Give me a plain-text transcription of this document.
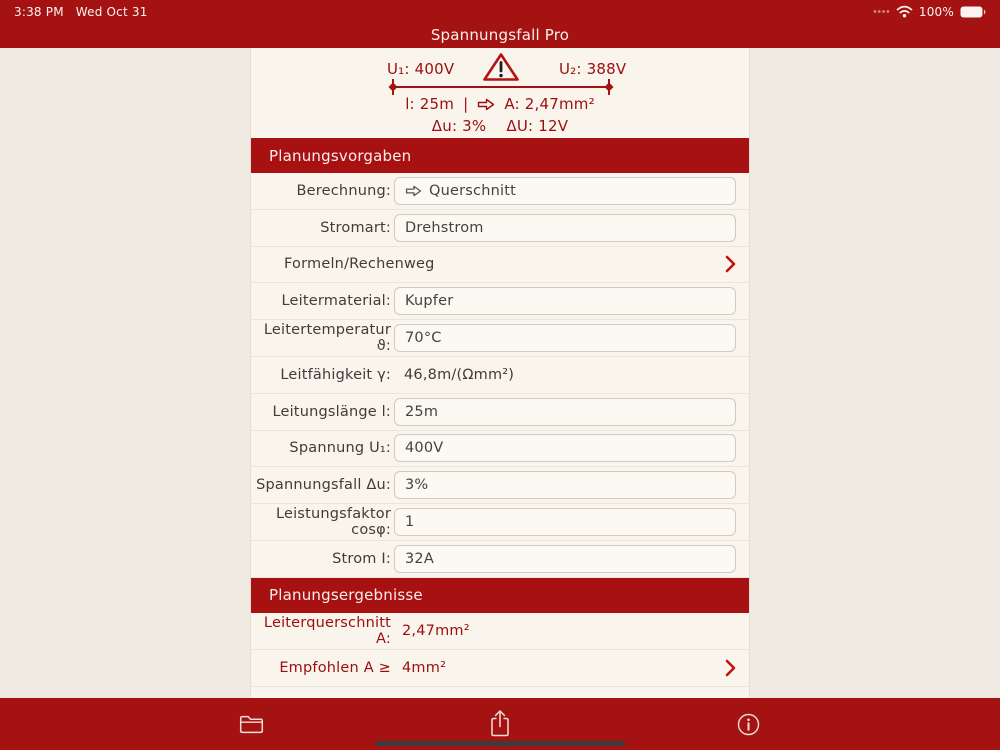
3:38 PM Wed Oct 31	100%
Spannungsfall Pro
U₁: 400V	U₂: 388V
l: 25m | A: 2,47mm²
Δu: 3% ΔU: 12V
Planungsvorgaben
Berechnung:	Querschnitt
Stromart: Drehstrom
Formeln/Rechenweg
Leitermaterial: Kupfer
Leitertemperatur ϑ: 70°C
Leitfähigkeit γ: 46,8m/(Ωmm²)
Leitungslänge l: 25m
Spannung U₁: 400V
Spannungsfall Δu: 3%
Leistungsfaktor cosφ: 1
Strom I: 32A
Planungsergebnisse
Leiterquerschnitt A: 2,47mm²
Empfohlen A ≥ 4mm²
